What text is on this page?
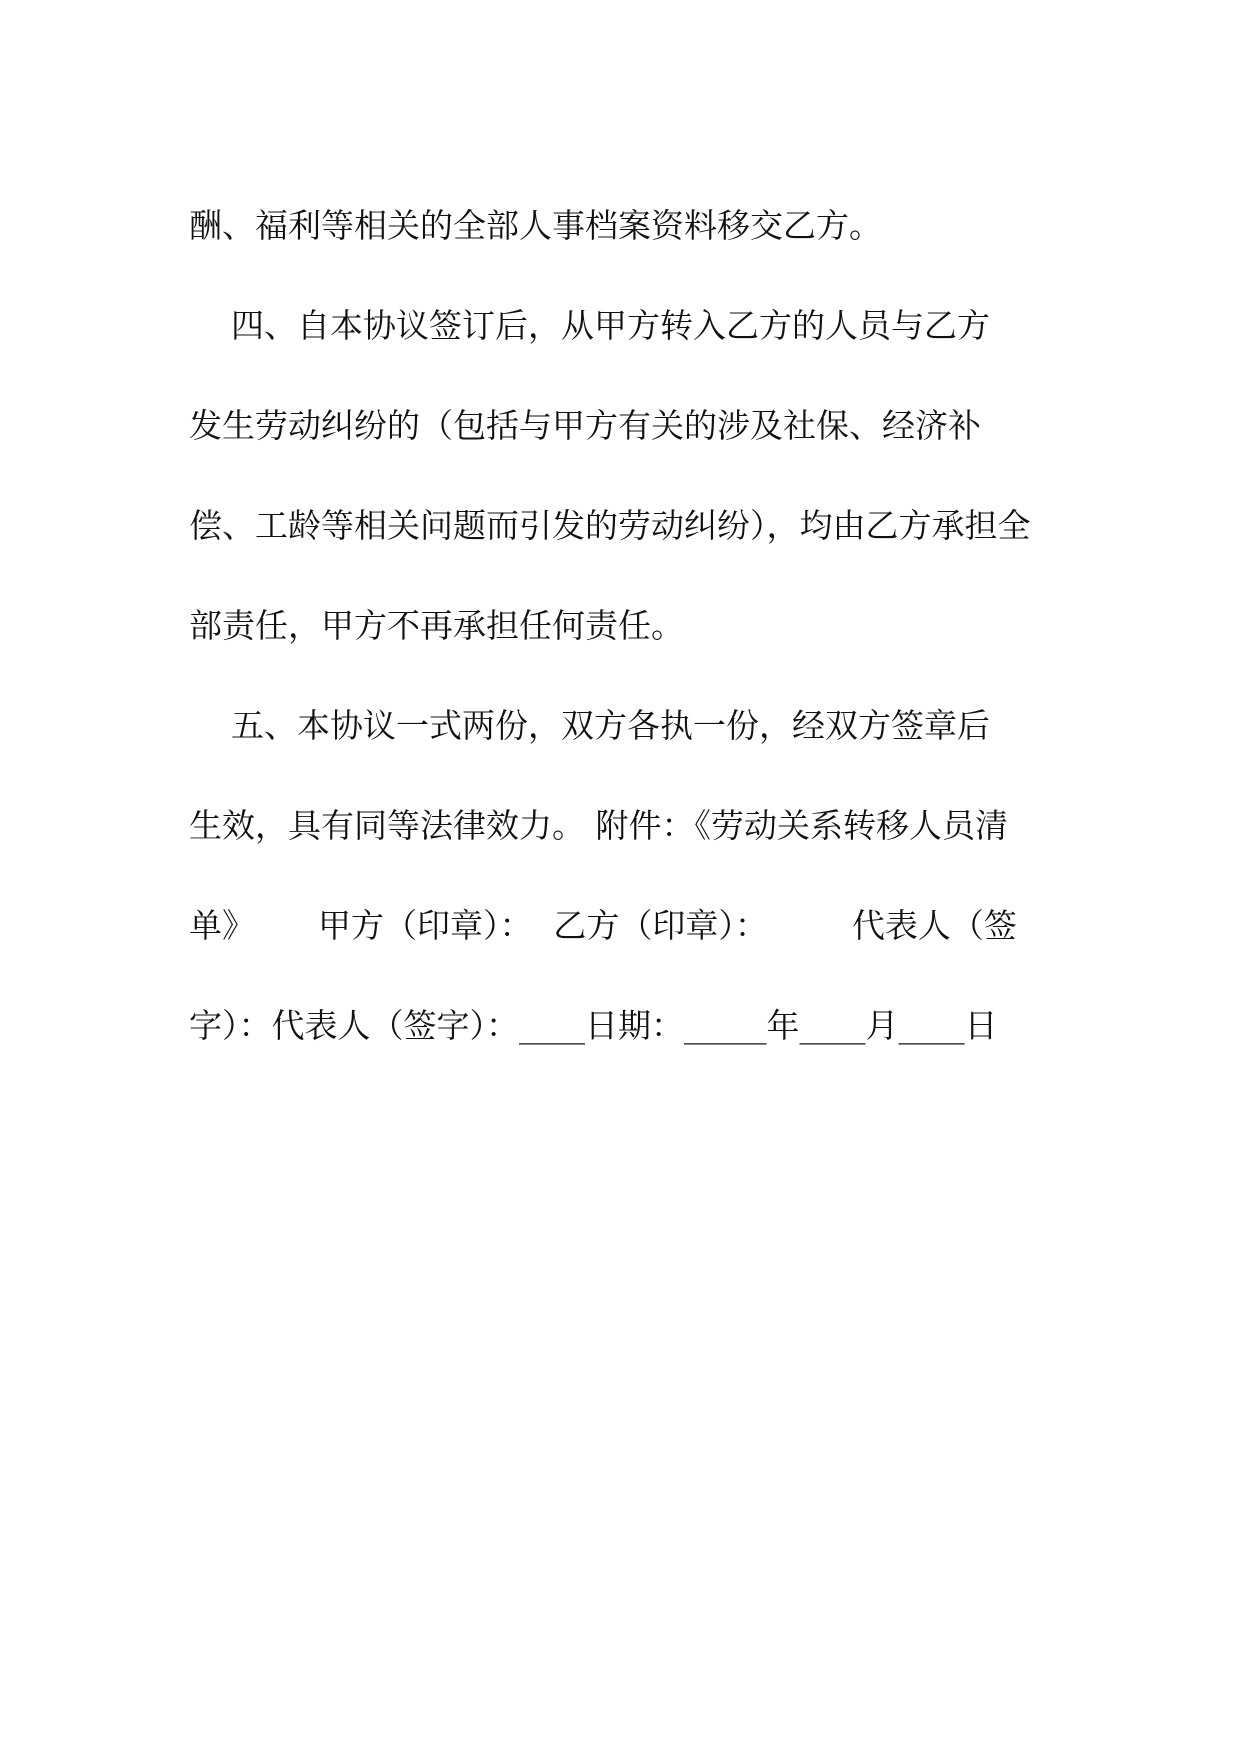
酬、福利等相关的全部人事档案资料移交乙方。
四、自本协议签订后，从甲方转入乙方的人员与乙方
发生劳动纠纷的（包括与甲方有关的涉及社保、经济补
偿、工龄等相关问题而引发的劳动纠纷），均由乙方承担全
部责任，甲方不再承担任何责任。
五、本协议一式两份，双方各执一份，经双方签章后
生效，具有同等法律效力。 附件：《劳动关系转移人员清
单》      甲方（印章）：  乙方（印章）：        代表人（签
字）：代表人（签字）：____日期：_____年____月____日
